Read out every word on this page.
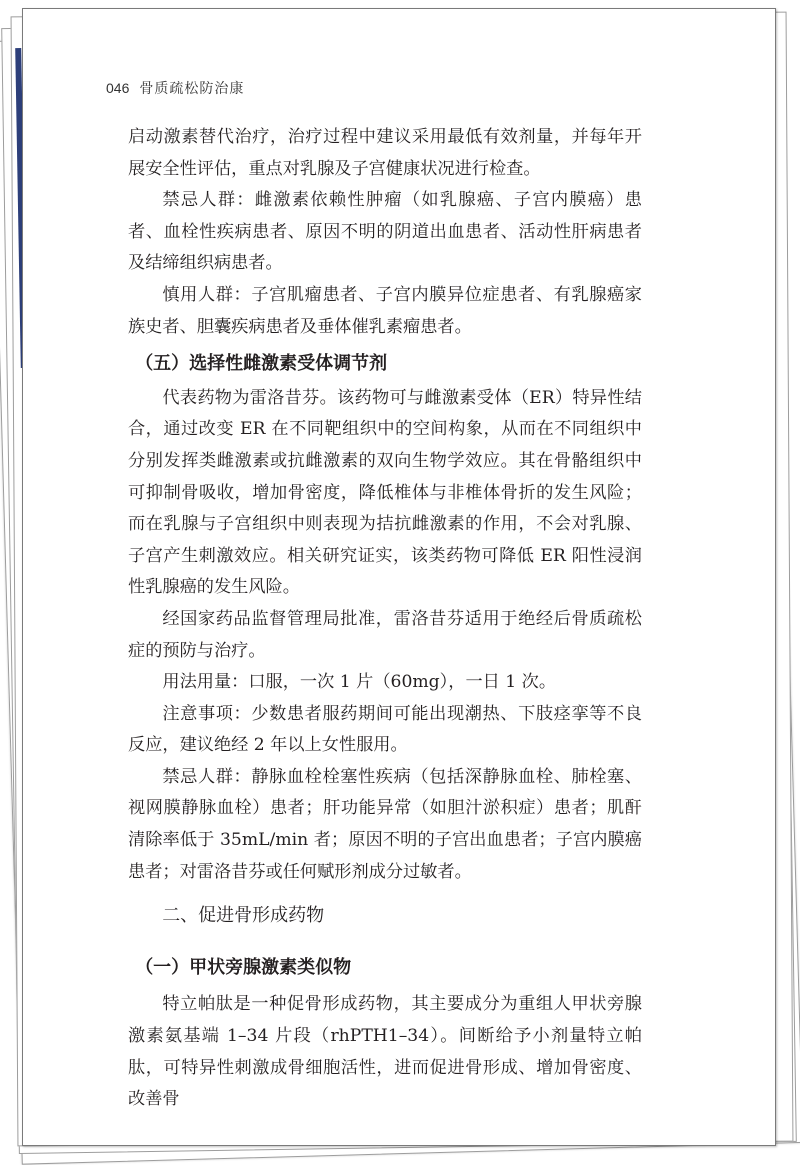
046 骨质疏松防治康

启动激素替代治疗，治疗过程中建议采用最低有效剂量，并每年开展安全性评估，重点对乳腺及子宫健康状况进行检查。

禁忌人群：雌激素依赖性肿瘤（如乳腺癌、子宫内膜癌）患者、血栓性疾病患者、原因不明的阴道出血患者、活动性肝病患者及结缔组织病患者。

慎用人群：子宫肌瘤患者、子宫内膜异位症患者、有乳腺癌家族史者、胆囊疾病患者及垂体催乳素瘤患者。

（五）选择性雌激素受体调节剂

代表药物为雷洛昔芬。该药物可与雌激素受体（ER）特异性结合，通过改变 ER 在不同靶组织中的空间构象，从而在不同组织中分别发挥类雌激素或抗雌激素的双向生物学效应。其在骨骼组织中可抑制骨吸收，增加骨密度，降低椎体与非椎体骨折的发生风险；而在乳腺与子宫组织中则表现为拮抗雌激素的作用，不会对乳腺、子宫产生刺激效应。相关研究证实，该类药物可降低 ER 阳性浸润性乳腺癌的发生风险。

经国家药品监督管理局批准，雷洛昔芬适用于绝经后骨质疏松症的预防与治疗。

用法用量：口服，一次 1 片（60mg），一日 1 次。

注意事项：少数患者服药期间可能出现潮热、下肢痉挛等不良反应，建议绝经 2 年以上女性服用。

禁忌人群：静脉血栓栓塞性疾病（包括深静脉血栓、肺栓塞、视网膜静脉血栓）患者；肝功能异常（如胆汁淤积症）患者；肌酐清除率低于 35mL/min 者；原因不明的子宫出血患者；子宫内膜癌患者；对雷洛昔芬或任何赋形剂成分过敏者。

二、促进骨形成药物
（一）甲状旁腺激素类似物

特立帕肽是一种促骨形成药物，其主要成分为重组人甲状旁腺激素氨基端 1–34 片段（rhPTH1–34）。间断给予小剂量特立帕肽，可特异性刺激成骨细胞活性，进而促进骨形成、增加骨密度、改善骨
